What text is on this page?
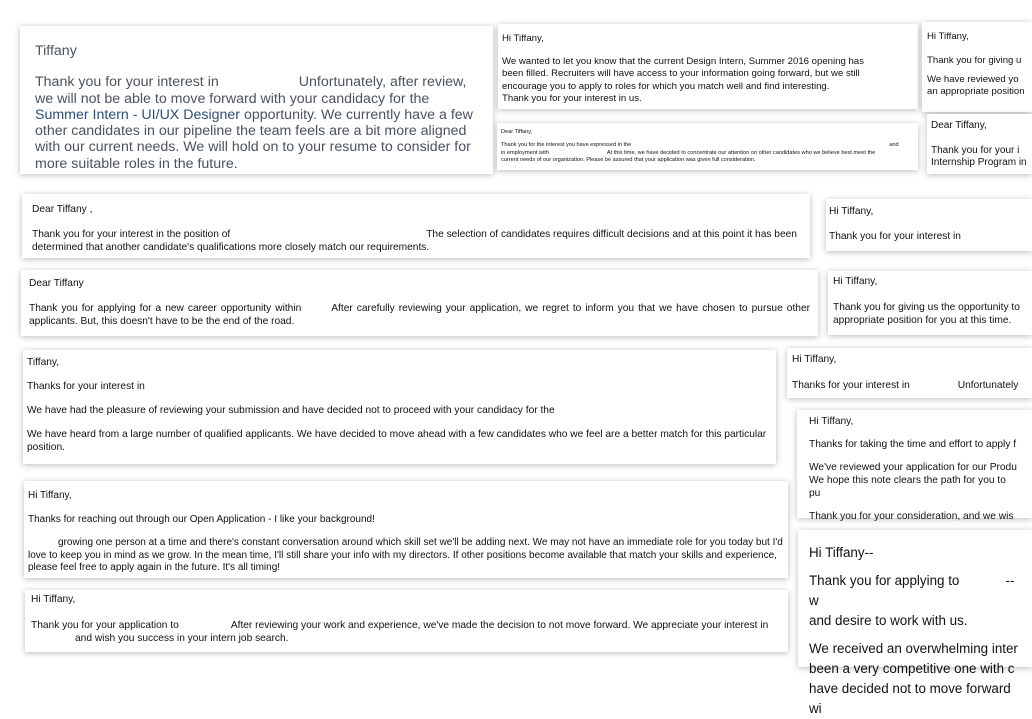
Tiffany

Thank you for your interest in	Unfortunately, after review, we will not be able to move forward with your candidacy for theSummer Intern - UI/UX Designer opportunity. We currently have a few other candidates in our pipeline the team feels are a bit more aligned with our current needs. We will hold on to your resume to consider for more suitable roles in the future.

Hi Tiffany,

We wanted to let you know that the current Design Intern, Summer 2016 opening has been filled. Recruiters will have access to your information going forward, but we still encourage you to apply to roles for which you match well and find interesting.

Thank you for your interest in us.

Hi Tiffany,

Thank you for giving u

We have reviewed yo

an appropriate position

Dear Tiffany,

Thank you for the interest you have expressed in the	and

in employment with	At this time, we have decided to concentrate our attention on other candidates who we believe best meet the

current needs of our organization. Please be assured that your application was given full consideration.

Dear Tiffany,

Thank you for your i

Internship Program in

Dear Tiffany ,

Thank you for your interest in the position of	The selection of candidates requires difficult decisions and at this point it has been determined that another candidate's qualifications more closely match our requirements.

Hi Tiffany,

Thank you for your interest in

Dear Tiffany

Thank you for applying for a new career opportunity within	After carefully reviewing your application, we regret to inform you that we have chosen to pursue other applicants. But, this doesn't have to be the end of the road.

Hi Tiffany,

Thank you for giving us the opportunity to

appropriate position for you at this time.

Tiffany,

Thanks for your interest in

We have had the pleasure of reviewing your submission and have decided not to proceed with your candidacy for the

We have heard from a large number of qualified applicants. We have decided to move ahead with a few candidates who we feel are a better match for this particular position.

Hi Tiffany,

Thanks for your interest in	Unfortunately

Hi Tiffany,

Thanks for taking the time and effort to apply f

We've reviewed your application for our Produ

We hope this note clears the path for you to pu

Thank you for your consideration, and we wis

Hi Tiffany,

Thanks for reaching out through our Open Application - I like your background!

growing one person at a time and there's constant conversation around which skill set we'll be adding next. We may not have an immediate role for you today but I'd love to keep you in mind as we grow. In the mean time, I'll still share your info with my directors. If other positions become available that match your skills and experience, please feel free to apply again in the future. It's all timing!

Hi Tiffany--

Thank you for applying to	-- w

and desire to work with us.

We received an overwhelming inter

been a very competitive one with c

have decided not to move forward wi

Hi Tiffany,

Thank you for your application to	After reviewing your work and experience, we've made the decision to not move forward. We appreciate your interest in

and wish you success in your intern job search.
